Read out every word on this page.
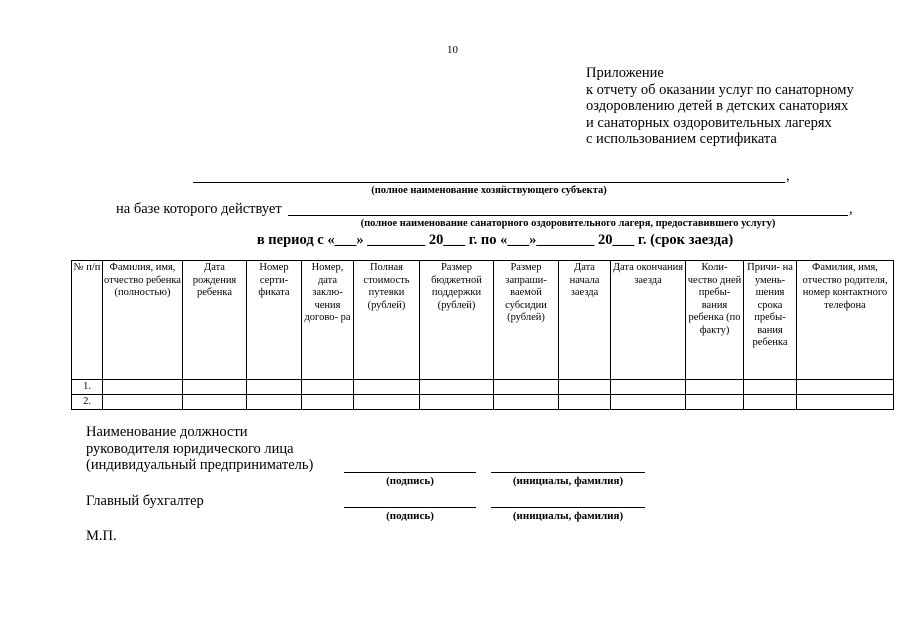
10
Приложение
к отчету об оказании услуг по санаторному
оздоровлению детей в детских санаториях
и санаторных оздоровительных лагерях
с использованием сертификата
,
(полное наименование хозяйствующего субъекта)
на базе которого действует	,
(полное наименование санаторного оздоровительного лагеря, предоставившего услугу)
в период с «___» ________ 20___ г. по «___»________ 20___ г. (срок заезда)
№ п/п	Фамилия, имя, отчество ребенка (полностью)	Дата рождения ребенка	Номер серти- фиката	Номер, дата заклю- чения догово- ра	Полная стоимость путевки (рублей)	Размер бюджетной поддержки (рублей)	Размер запраши- ваемой субсидии (рублей)	Дата начала заезда	Дата окончания заезда	Коли- чество дней пребы- вания ребенка (по факту)	Причи- на умень- шения срока пребы- вания ребенка	Фамилия, имя, отчество родителя, номер контактного телефона
1.												
2.												
Наименование должности
руководителя юридического лица
(индивидуальный предприниматель)
(подпись)	(инициалы, фамилия)
Главный бухгалтер
(подпись)	(инициалы, фамилия)
М.П.
